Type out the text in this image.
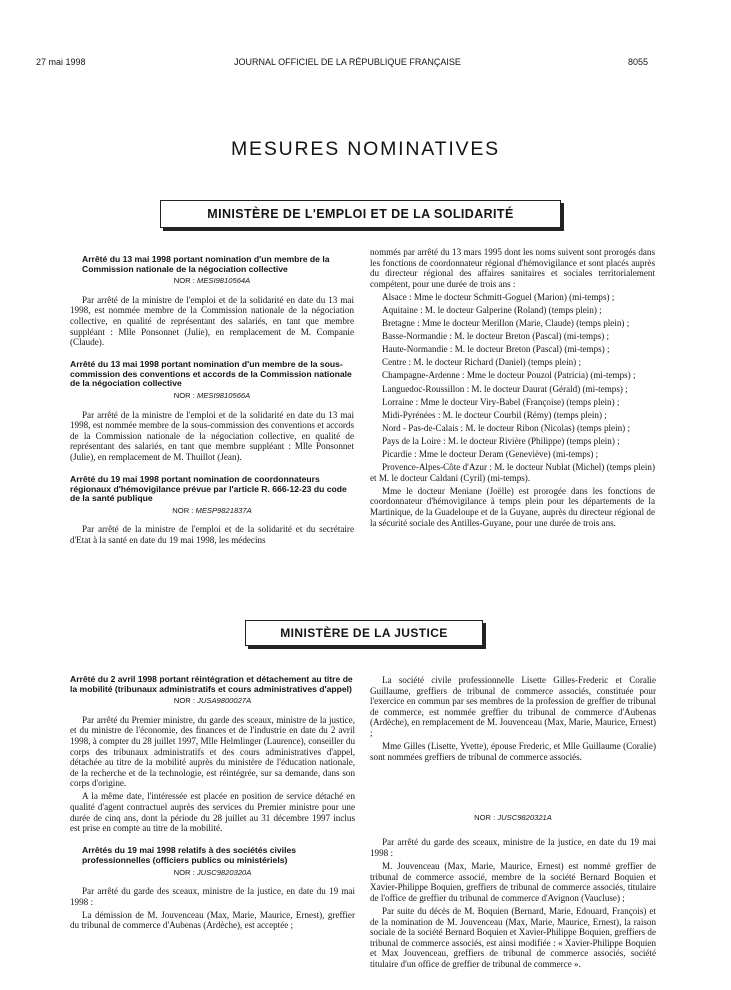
27 mai 1998	JOURNAL OFFICIEL DE LA RÉPUBLIQUE FRANÇAISE	8055
MESURES NOMINATIVES
MINISTÈRE DE L'EMPLOI ET DE LA SOLIDARITÉ
Arrêté du 13 mai 1998 portant nomination d'un membre de la Commission nationale de la négociation collective
NOR : MESI9810564A

Par arrêté de la ministre de l'emploi et de la solidarité en date du 13 mai 1998, est nommée membre de la Commission nationale de la négociation collective, en qualité de représentant des salariés, en tant que membre suppléant : Mlle Ponsonnet (Julie), en remplacement de M. Companie (Claude).

Arrêté du 13 mai 1998 portant nomination d'un membre de la sous-commission des conventions et accords de la Commission nationale de la négociation collective
NOR : MESI9810566A

Par arrêté de la ministre de l'emploi et de la solidarité en date du 13 mai 1998, est nommée membre de la sous-commission des conventions et accords de la Commission nationale de la négociation collective, en qualité de représentant des salariés, en tant que membre suppléant : Mlle Ponsonnet (Julie), en remplacement de M. Thuillot (Jean).

Arrêté du 19 mai 1998 portant nomination de coordonnateurs régionaux d'hémovigilance prévue par l'article R. 666-12-23 du code de la santé publique
NOR : MESP9821837A

Par arrêté de la ministre de l'emploi et de la solidarité et du secrétaire d'Etat à la santé en date du 19 mai 1998, les médecins

nommés par arrêté du 13 mars 1995 dont les noms suivent sont prorogés dans les fonctions de coordonnateur régional d'hémovigilance et sont placés auprès du directeur régional des affaires sanitaires et sociales territorialement compétent, pour une durée de trois ans :

Alsace : Mme le docteur Schmitt-Goguel (Marion) (mi-temps) ;

Aquitaine : M. le docteur Galperine (Roland) (temps plein) ;

Bretagne : Mme le docteur Merillon (Marie, Claude) (temps plein) ;

Basse-Normandie : M. le docteur Breton (Pascal) (mi-temps) ;

Haute-Normandie : M. le docteur Breton (Pascal) (mi-temps) ;

Centre : M. le docteur Richard (Daniel) (temps plein) ;

Champagne-Ardenne : Mme le docteur Pouzol (Patricia) (mi-temps) ;

Languedoc-Roussillon : M. le docteur Daurat (Gérald) (mi-temps) ;

Lorraine : Mme le docteur Viry-Babel (Françoise) (temps plein) ;

Midi-Pyrénées : M. le docteur Courbil (Rémy) (temps plein) ;

Nord - Pas-de-Calais : M. le docteur Ribon (Nicolas) (temps plein) ;

Pays de la Loire : M. le docteur Rivière (Philippe) (temps plein) ;

Picardie : Mme le docteur Deram (Geneviève) (mi-temps) ;

Provence-Alpes-Côte d'Azur : M. le docteur Nublat (Michel) (temps plein) et M. le docteur Caldani (Cyril) (mi-temps).

Mme le docteur Meniane (Joëlle) est prorogée dans les fonctions de coordonnateur d'hémovigilance à temps plein pour les départements de la Martinique, de la Guadeloupe et de la Guyane, auprès du directeur régional de la sécurité sociale des Antilles-Guyane, pour une durée de trois ans.

MINISTÈRE DE LA JUSTICE
Arrêté du 2 avril 1998 portant réintégration et détachement au titre de la mobilité (tribunaux administratifs et cours administratives d'appel)
NOR : JUSA9800027A

Par arrêté du Premier ministre, du garde des sceaux, ministre de la justice, et du ministre de l'économie, des finances et de l'industrie en date du 2 avril 1998, à compter du 28 juillet 1997, Mlle Helmlinger (Laurence), conseiller du corps des tribunaux administratifs et des cours administratives d'appel, détachée au titre de la mobilité auprès du ministère de l'éducation nationale, de la recherche et de la technologie, est réintégrée, sur sa demande, dans son corps d'origine.

A la même date, l'intéressée est placée en position de service détaché en qualité d'agent contractuel auprès des services du Premier ministre pour une durée de cinq ans, dont la période du 28 juillet au 31 décembre 1997 inclus est prise en compte au titre de la mobilité.

Arrêtés du 19 mai 1998 relatifs à des sociétés civiles professionnelles (officiers publics ou ministériels)
NOR : JUSC9820320A

Par arrêté du garde des sceaux, ministre de la justice, en date du 19 mai 1998 :

La démission de M. Jouvenceau (Max, Marie, Maurice, Ernest), greffier du tribunal de commerce d'Aubenas (Ardèche), est acceptée ;

La société civile professionnelle Lisette Gilles-Frederic et Coralie Guillaume, greffiers de tribunal de commerce associés, constituée pour l'exercice en commun par ses membres de la profession de greffier de tribunal de commerce, est nommée greffier du tribunal de commerce d'Aubenas (Ardèche), en remplacement de M. Jouvenceau (Max, Marie, Maurice, Ernest) ;

Mme Gilles (Lisette, Yvette), épouse Frederic, et Mlle Guillaume (Coralie) sont nommées greffiers de tribunal de commerce associés.

NOR : JUSC9820321A

Par arrêté du garde des sceaux, ministre de la justice, en date du 19 mai 1998 :

M. Jouvenceau (Max, Marie, Maurice, Ernest) est nommé greffier de tribunal de commerce associé, membre de la société Bernard Boquien et Xavier-Philippe Boquien, greffiers de tribunal de commerce associés, titulaire de l'office de greffier du tribunal de commerce d'Avignon (Vaucluse) ;

Par suite du décès de M. Boquien (Bernard, Marie, Edouard, François) et de la nomination de M. Jouvenceau (Max, Marie, Maurice, Ernest), la raison sociale de la société Bernard Boquien et Xavier-Philippe Boquien, greffiers de tribunal de commerce associés, est ainsi modifiée : « Xavier-Philippe Boquien et Max Jouvenceau, greffiers de tribunal de commerce associés, société titulaire d'un office de greffier de tribunal de commerce ».
